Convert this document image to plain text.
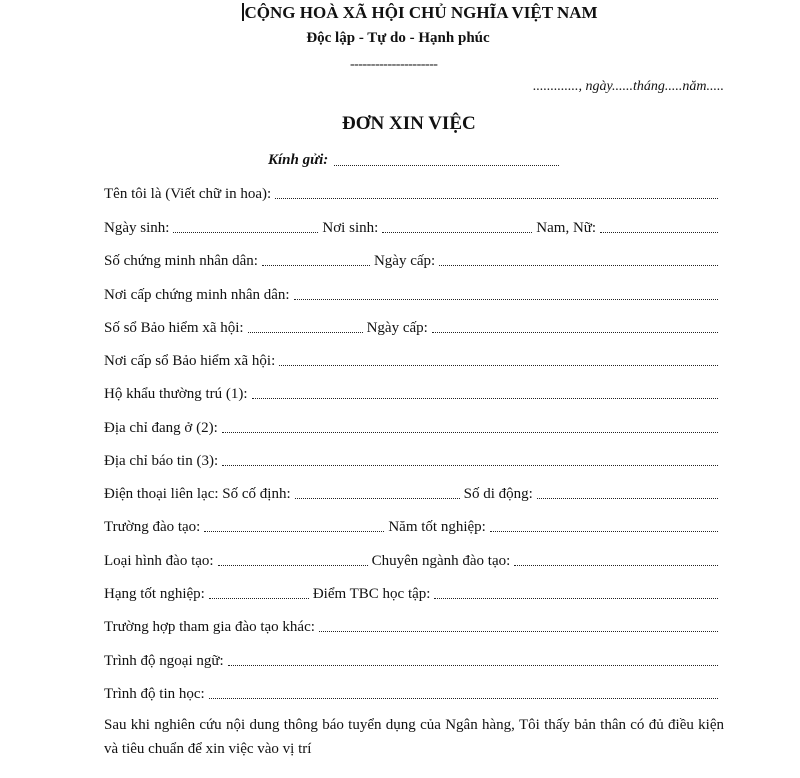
CỘNG HOÀ XÃ HỘI CHỦ NGHĨA VIỆT NAM
Độc lập - Tự do - Hạnh phúc
---------------------
............., ngày......tháng.....năm.....
ĐƠN XIN VIỆC
Kính gửi:
Tên tôi là (Viết chữ in hoa):
Ngày sinh:	Nơi sinh:	Nam, Nữ:
Số chứng minh nhân dân:	Ngày cấp:
Nơi cấp chứng minh nhân dân:
Số sổ Bảo hiểm xã hội:	Ngày cấp:
Nơi cấp sổ Bảo hiểm xã hội:
Hộ khẩu thường trú (1):
Địa chỉ đang ở (2):
Địa chỉ báo tin (3):
Điện thoại liên lạc: Số cố định:	Số di động:
Trường đào tạo:	Năm tốt nghiệp:
Loại hình đào tạo:	Chuyên ngành đào tạo:
Hạng tốt nghiệp:	Điểm TBC học tập:
Trường hợp tham gia đào tạo khác:
Trình độ ngoại ngữ:
Trình độ tin học:
Sau khi nghiên cứu nội dung thông báo tuyển dụng của Ngân hàng, Tôi thấy bản thân có đủ điều kiện và tiêu chuẩn để xin việc vào vị trí
